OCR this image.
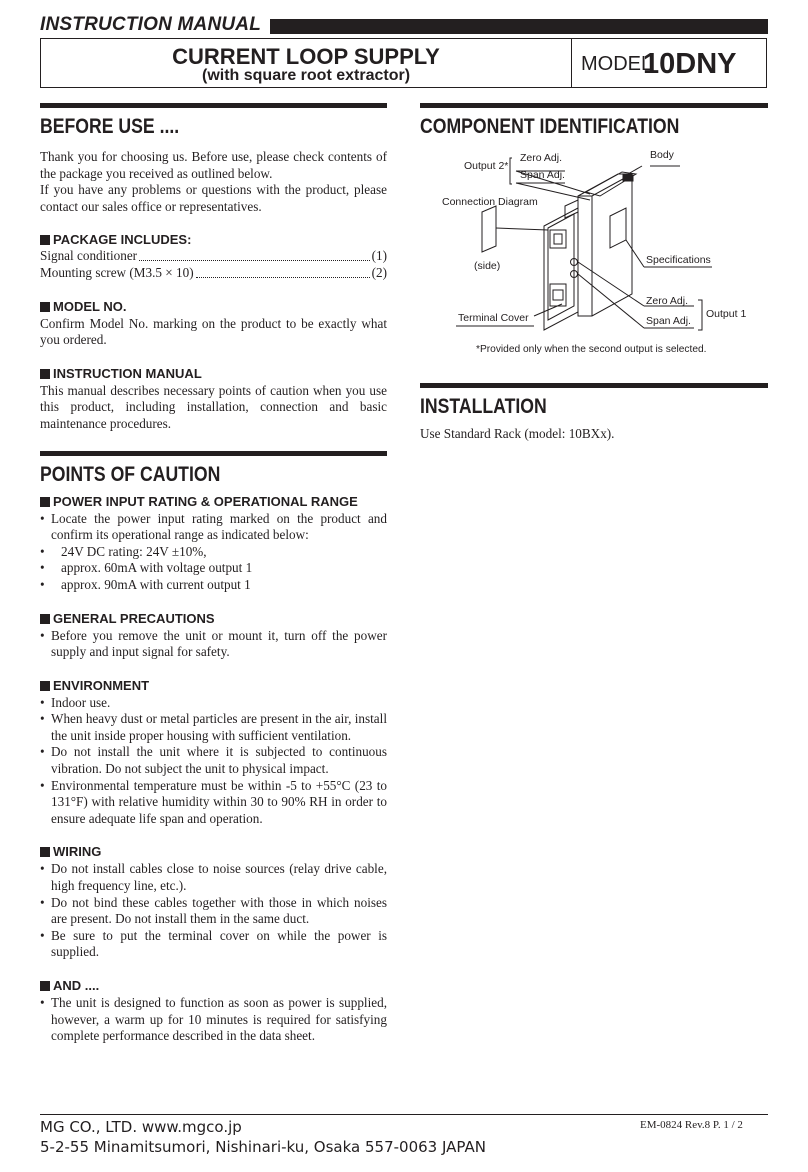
INSTRUCTION MANUAL
CURRENT LOOP SUPPLY
(with square root extractor)
MODEL
10DNY
BEFORE USE ....
Thank you for choosing us. Before use, please check contents of the package you received as outlined below.
If you have any problems or questions with the product, please contact our sales office or representatives.
PACKAGE INCLUDES:
Signal conditioner	(1)
Mounting screw (M3.5 × 10)	(2)
MODEL NO.
Confirm Model No. marking on the product to be exactly what you ordered.
INSTRUCTION MANUAL
This manual describes necessary points of caution when you use this product, including installation, connection and basic maintenance procedures.
POINTS OF CAUTION
POWER INPUT RATING & OPERATIONAL RANGE
• Locate the power input rating marked on the product and confirm its operational range as indicated below:
• 24V DC rating: 24V ±10%,
• approx. 60mA with voltage output 1
• approx. 90mA with current output 1
GENERAL PRECAUTIONS
• Before you remove the unit or mount it, turn off the power supply and input signal for safety.
ENVIRONMENT
• Indoor use.
• When heavy dust or metal particles are present in the air, install the unit inside proper housing with sufficient ventilation.
• Do not install the unit where it is subjected to continuous vibration. Do not subject the unit to physical impact.
• Environmental temperature must be within -5 to +55°C (23 to 131°F) with relative humidity within 30 to 90% RH in order to ensure adequate life span and operation.
WIRING
• Do not install cables close to noise sources (relay drive cable, high frequency line, etc.).
• Do not bind these cables together with those in which noises are present. Do not install them in the same duct.
• Be sure to put the terminal cover on while the power is supplied.
AND ....
• The unit is designed to function as soon as power is supplied, however, a warm up for 10 minutes is required for satisfying complete performance described in the data sheet.
COMPONENT IDENTIFICATION
Output 2*
Zero Adj.
Span Adj.
Body
Connection Diagram
(side)	Specifications
Zero Adj.
Span Adj.
Output 1
Terminal Cover
*Provided only when the second output is selected.
INSTALLATION
Use Standard Rack (model: 10BXx).
MG CO., LTD. www.mgco.jp
5-2-55 Minamitsumori, Nishinari-ku, Osaka 557-0063 JAPAN
EM-0824 Rev.8 P. 1 / 2
